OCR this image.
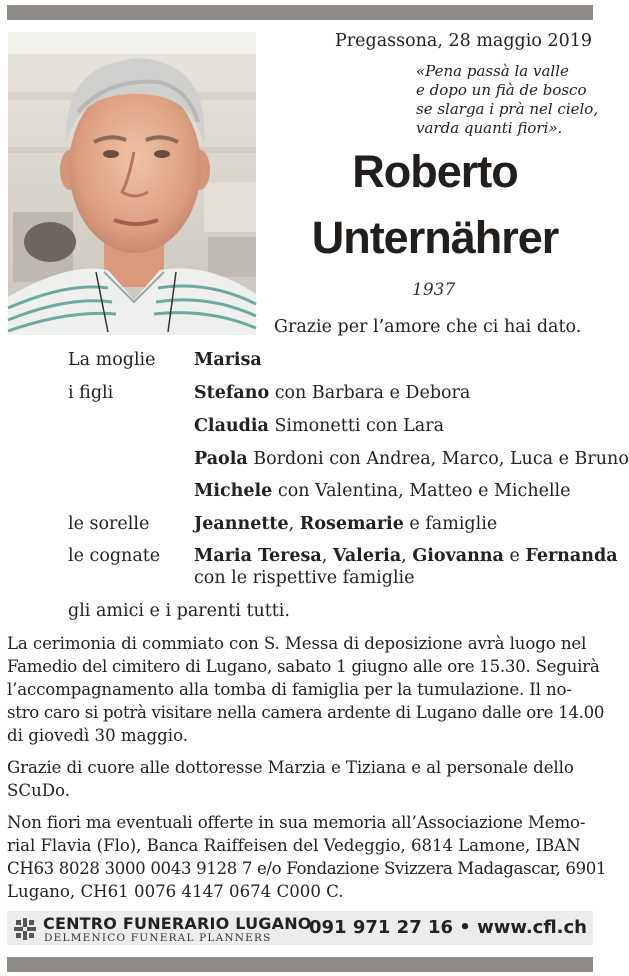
Pregassona, 28 maggio 2019
«Pena passà la valle
e dopo un fià de bosco
se slarga i prà nel cielo,
varda quanti fiori».
Roberto
Unternährer
1937
Grazie per l’amore che ci hai dato.
La moglie Marisa
i figli	Stefano con Barbara e Debora
Claudia Simonetti con Lara
Paola Bordoni con Andrea, Marco, Luca e Bruno
Michele con Valentina, Matteo e Michelle
le sorelle	Jeannette, Rosemarie e famiglie
le cognate Maria Teresa, Valeria, Giovanna e Fernanda
con le rispettive famiglie
gli amici e i parenti tutti.
La cerimonia di commiato con S. Messa di deposizione avrà luogo nel
Famedio del cimitero di Lugano, sabato 1 giugno alle ore 15.30. Seguirà
l’accompagnamento alla tomba di famiglia per la tumulazione. Il no-
stro caro si potrà visitare nella camera ardente di Lugano dalle ore 14.00
di giovedì 30 maggio.
Grazie di cuore alle dottoresse Marzia e Tiziana e al personale dello
SCuDo.
Non fiori ma eventuali offerte in sua memoria all’Associazione Memo-
rial Flavia (Flo), Banca Raiffeisen del Vedeggio, 6814 Lamone, IBAN
CH63 8028 3000 0043 9128 7 e/o Fondazione Svizzera Madagascar, 6901
Lugano, CH61 0076 4147 0674 C000 C.
CENTRO FUNERARIO LUGANO
DELMENICO FUNERAL PLANNERS 091 971 27 16 • www.cfl.ch
